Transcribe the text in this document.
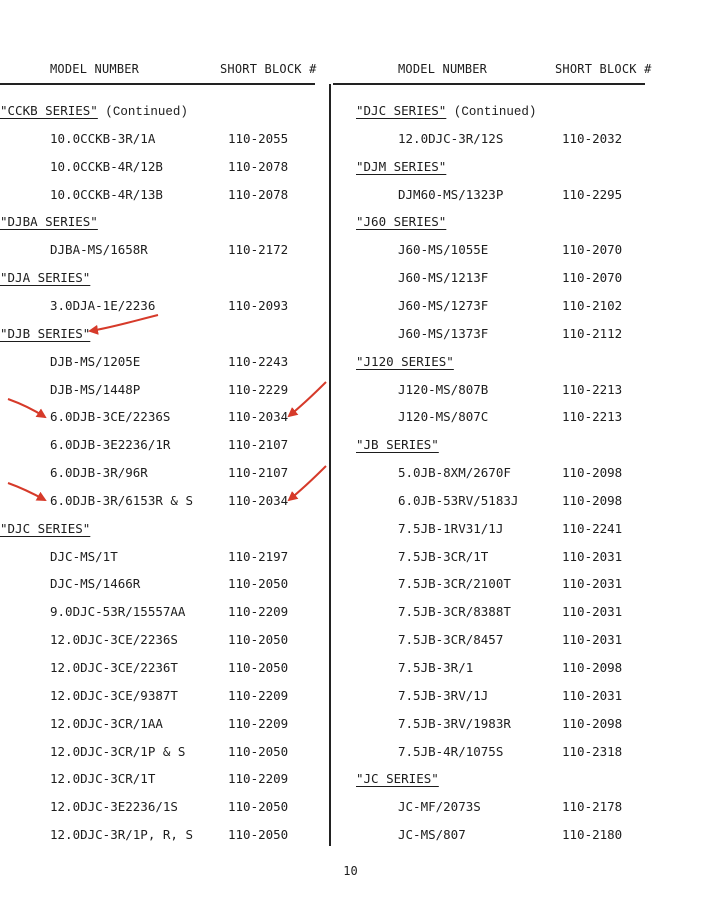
MODEL NUMBER	SHORT BLOCK #	MODEL NUMBER	SHORT BLOCK #
"CCKB SERIES" (Continued)
10.0CCKB-3R/1A	110-2055
10.0CCKB-4R/12B	110-2078
10.0CCKB-4R/13B	110-2078
"DJBA SERIES"
DJBA-MS/1658R	110-2172
"DJA SERIES"
3.0DJA-1E/2236	110-2093
"DJB SERIES"
DJB-MS/1205E	110-2243
DJB-MS/1448P	110-2229
6.0DJB-3CE/2236S	110-2034
6.0DJB-3E2236/1R	110-2107
6.0DJB-3R/96R	110-2107
6.0DJB-3R/6153R & S	110-2034
"DJC SERIES"
DJC-MS/1T	110-2197
DJC-MS/1466R	110-2050
9.0DJC-53R/15557AA	110-2209
12.0DJC-3CE/2236S	110-2050
12.0DJC-3CE/2236T	110-2050
12.0DJC-3CE/9387T	110-2209
12.0DJC-3CR/1AA	110-2209
12.0DJC-3CR/1P & S	110-2050
12.0DJC-3CR/1T	110-2209
12.0DJC-3E2236/1S	110-2050
12.0DJC-3R/1P, R, S	110-2050
"DJC SERIES" (Continued)
12.0DJC-3R/12S	110-2032
"DJM SERIES"
DJM60-MS/1323P	110-2295
"J60 SERIES"
J60-MS/1055E	110-2070
J60-MS/1213F	110-2070
J60-MS/1273F	110-2102
J60-MS/1373F	110-2112
"J120 SERIES"
J120-MS/807B	110-2213
J120-MS/807C	110-2213
"JB SERIES"
5.0JB-8XM/2670F	110-2098
6.0JB-53RV/5183J	110-2098
7.5JB-1RV31/1J	110-2241
7.5JB-3CR/1T	110-2031
7.5JB-3CR/2100T	110-2031
7.5JB-3CR/8388T	110-2031
7.5JB-3CR/8457	110-2031
7.5JB-3R/1	110-2098
7.5JB-3RV/1J	110-2031
7.5JB-3RV/1983R	110-2098
7.5JB-4R/1075S	110-2318
"JC SERIES"
JC-MF/2073S	110-2178
JC-MS/807	110-2180
10
